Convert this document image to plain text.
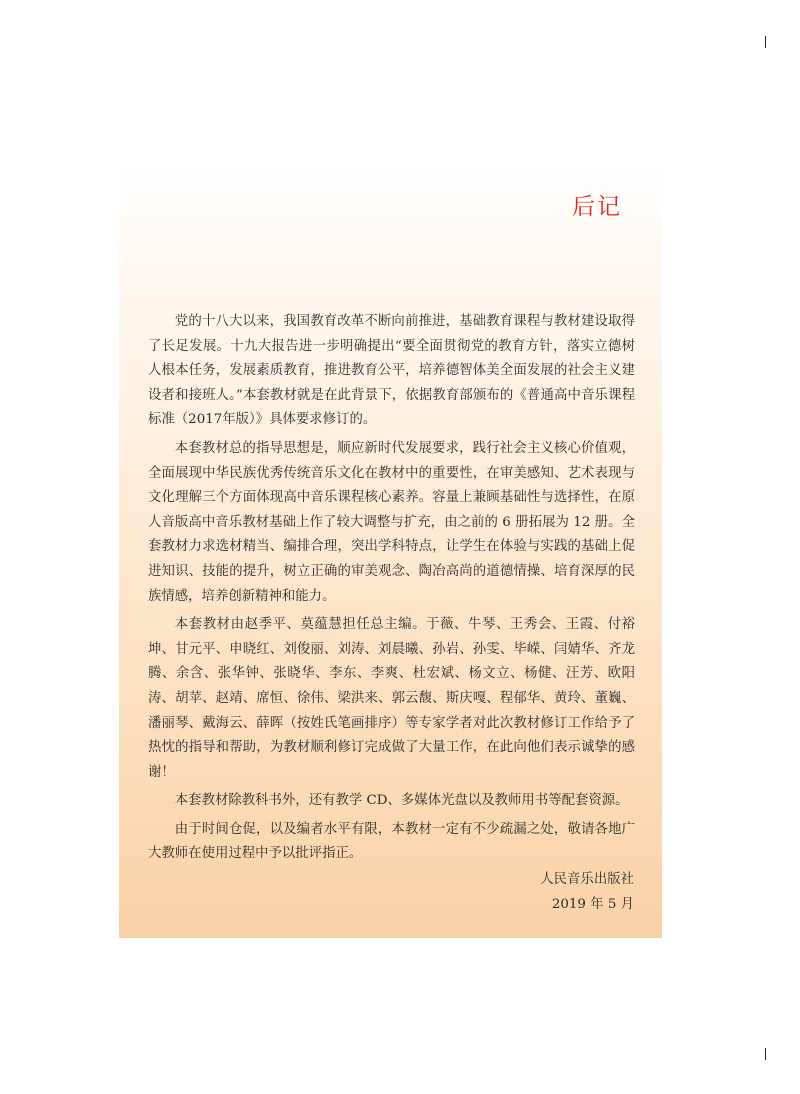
后记

党的十八大以来，我国教育改革不断向前推进，基础教育课程与教材建设取得了长足发展。十九大报告进一步明确提出“要全面贯彻党的教育方针，落实立德树人根本任务，发展素质教育，推进教育公平，培养德智体美全面发展的社会主义建设者和接班人。”本套教材就是在此背景下，依据教育部颁布的《普通高中音乐课程标准（2017年版）》具体要求修订的。

本套教材总的指导思想是，顺应新时代发展要求，践行社会主义核心价值观，全面展现中华民族优秀传统音乐文化在教材中的重要性，在审美感知、艺术表现与文化理解三个方面体现高中音乐课程核心素养。容量上兼顾基础性与选择性，在原人音版高中音乐教材基础上作了较大调整与扩充，由之前的 6 册拓展为 12 册。全套教材力求选材精当、编排合理，突出学科特点，让学生在体验与实践的基础上促进知识、技能的提升，树立正确的审美观念、陶冶高尚的道德情操、培育深厚的民族情感，培养创新精神和能力。

本套教材由赵季平、莫蕴慧担任总主编。于薇、牛琴、王秀会、王霞、付裕坤、甘元平、申晓红、刘俊丽、刘涛、刘晨曦、孙岩、孙雯、毕嵘、闫婧华、齐龙腾、余含、张华钟、张晓华、李东、李爽、杜宏斌、杨文立、杨健、汪芳、欧阳涛、胡苹、赵靖、席恒、徐伟、梁洪来、郭云馥、斯庆嘎、程郁华、黄玲、董巍、潘丽琴、戴海云、薛晖（按姓氏笔画排序）等专家学者对此次教材修订工作给予了热忱的指导和帮助，为教材顺利修订完成做了大量工作，在此向他们表示诚挚的感谢！

本套教材除教科书外，还有教学 CD、多媒体光盘以及教师用书等配套资源。

由于时间仓促，以及编者水平有限，本教材一定有不少疏漏之处，敬请各地广大教师在使用过程中予以批评指正。

人民音乐出版社
2019 年 5 月
